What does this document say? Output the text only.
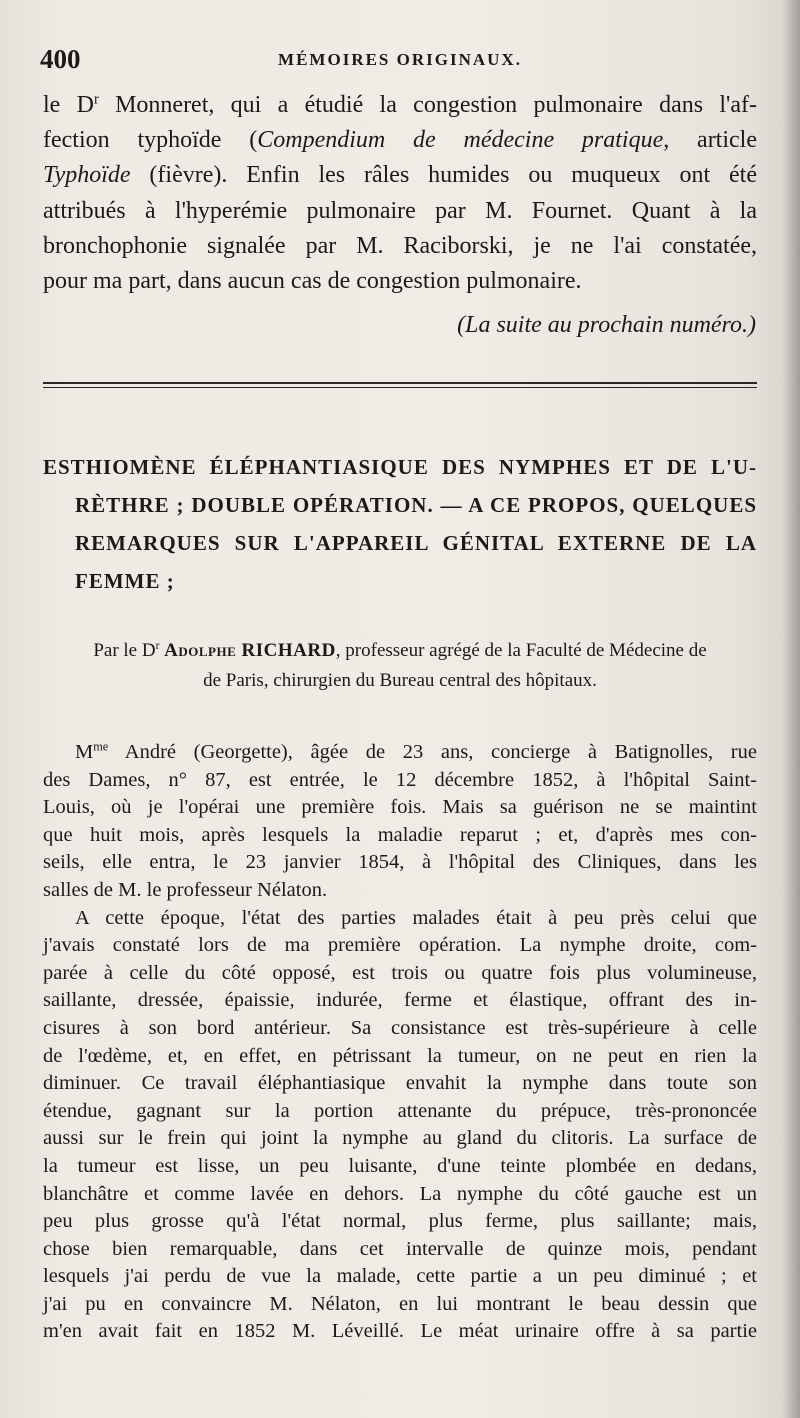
400	MÉMOIRES ORIGINAUX.
le $D^r$ Monneret, qui a étudié la congestion pulmonaire dans l'af-
fection typhoïde (Compendium de médecine pratique, article
Typhoïde (fièvre). Enfin les râles humides ou muqueux ont été
attribués à l'hyperémie pulmonaire par M. Fournet. Quant à la
bronchophonie signalée par M. Raciborski, je ne l'ai constatée,
pour ma part, dans aucun cas de congestion pulmonaire.
(La suite au prochain numéro.)
ESTHIOMÈNE ÉLÉPHANTIASIQUE DES NYMPHES ET DE L'U-
RÈTHRE ; DOUBLE OPÉRATION. — A CE PROPOS, QUELQUES
REMARQUES SUR L'APPAREIL GÉNITAL EXTERNE DE LA
FEMME ;
Par le $D^r$ Adolphe RICHARD, professeur agrégé de la Faculté de Médecine de
de Paris, chirurgien du Bureau central des hôpitaux.
$M^{me}$ André (Georgette), âgée de 23 ans, concierge à Batignolles, rue
des Dames, n° 87, est entrée, le 12 décembre 1852, à l'hôpital Saint-
Louis, où je l'opérai une première fois. Mais sa guérison ne se maintint
que huit mois, après lesquels la maladie reparut ; et, d'après mes con-
seils, elle entra, le 23 janvier 1854, à l'hôpital des Cliniques, dans les
salles de M. le professeur Nélaton.
A cette époque, l'état des parties malades était à peu près celui que
j'avais constaté lors de ma première opération. La nymphe droite, com-
parée à celle du côté opposé, est trois ou quatre fois plus volumineuse,
saillante, dressée, épaissie, indurée, ferme et élastique, offrant des in-
cisures à son bord antérieur. Sa consistance est très-supérieure à celle
de l'œdème, et, en effet, en pétrissant la tumeur, on ne peut en rien la
diminuer. Ce travail éléphantiasique envahit la nymphe dans toute son
étendue, gagnant sur la portion attenante du prépuce, très-prononcée
aussi sur le frein qui joint la nymphe au gland du clitoris. La surface de
la tumeur est lisse, un peu luisante, d'une teinte plombée en dedans,
blanchâtre et comme lavée en dehors. La nymphe du côté gauche est un
peu plus grosse qu'à l'état normal, plus ferme, plus saillante; mais,
chose bien remarquable, dans cet intervalle de quinze mois, pendant
lesquels j'ai perdu de vue la malade, cette partie a un peu diminué ; et
j'ai pu en convaincre M. Nélaton, en lui montrant le beau dessin que
m'en avait fait en 1852 M. Léveillé. Le méat urinaire offre à sa partie
